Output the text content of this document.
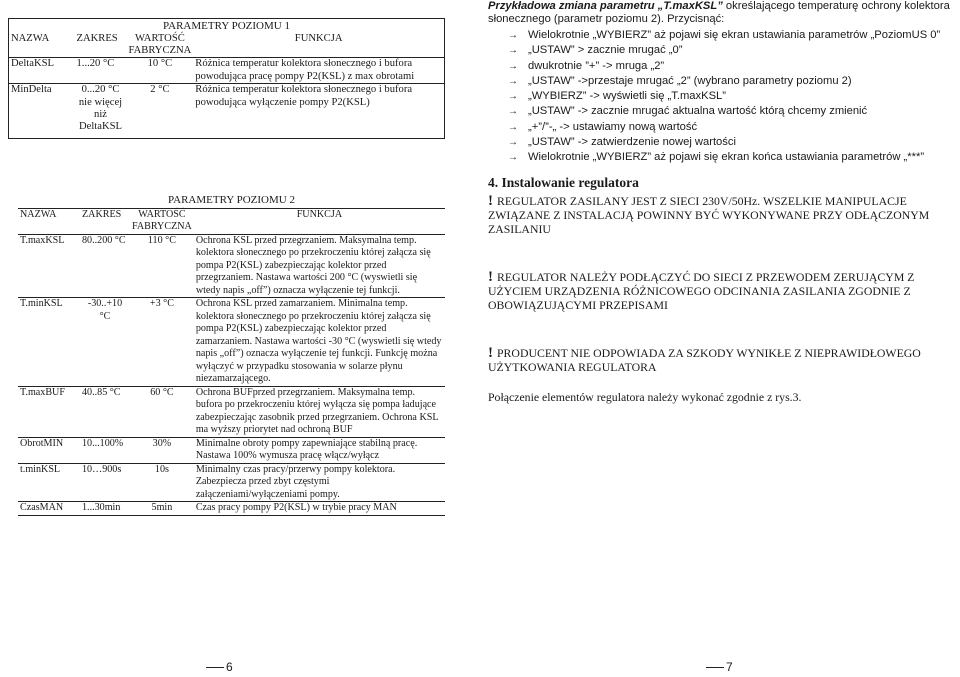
PARAMETRY POZIOMU 1			
NAZWA	ZAKRES	WARTOŚĆ FABRYCZNA	FUNKCJA
DeltaKSL	1...20 °C	10 °C	Różnica temperatur kolektora słonecznego i bufora powodująca pracę pompy P2(KSL) z max obrotami
MinDelta	0...20 °C nie więcej niż DeltaKSL	2 °C	Różnica temperatur kolektora słonecznego i bufora powodująca wyłączenie pompy P2(KSL)
PARAMETRY POZIOMU 2			
NAZWA	ZAKRES	WARTOŚĆ FABRYCZNA	FUNKCJA
T.maxKSL	80..200 °C	110 °C	Ochrona KSL przed przegrzaniem. Maksymalna temp. kolektora słonecznego po przekroczeniu której załącza się pompa P2(KSL) zabezpieczając kolektor przed przegrzaniem. Nastawa wartości 200 °C (wyswietli się wtedy napis „off”) oznacza wyłączenie tej funkcji.
T.minKSL	-30..+10 °C	+3 °C	Ochrona KSL przed zamarzaniem. Minimalna temp. kolektora słonecznego po przekroczeniu której załącza się pompa P2(KSL) zabezpieczając kolektor przed zamarzaniem. Nastawa wartości -30 °C (wyswietli się wtedy napis „off”) oznacza wyłączenie tej funkcji. Funkcję można wyłączyć w przypadku stosowania w solarze płynu niezamarzającego.
T.maxBUF	40..85 °C	60 °C	Ochrona BUFprzed przegrzaniem. Maksymalna temp. bufora po przekroczeniu której wyłącza się pompa ładujące zabezpieczając zasobnik przed przegrzaniem. Ochrona KSL ma wyższy priorytet nad ochroną BUF
ObrotMIN	10...100%	30%	Minimalne obroty pompy zapewniające stabilną pracę. Nastawa 100% wymusza pracę włącz/wyłącz
t.minKSL	10…900s	10s	Minimalny czas pracy/przerwy pompy kolektora. Zabezpiecza przed zbyt częstymi załączeniami/wyłączeniami pompy.
CzasMAN	1...30min	5min	Czas pracy pompy P2(KSL) w trybie pracy MAN
6
Przykładowa zmiana parametru „T.maxKSL” określającego temperaturę ochrony kolektora słonecznego (parametr poziomu 2). Przycisnąć:
→ Wielokrotnie „WYBIERZ” aż pojawi się ekran ustawiania parametrów „PoziomUS 0”
→ „USTAW” > zacznie mrugać „0”
→ dwukrotnie ”+” -> mruga „2”
→ „USTAW” ->przestaje mrugać „2” (wybrano parametry poziomu 2)
→ „WYBIERZ” -> wyświetli się „T.maxKSL”
→ „USTAW” -> zacznie mrugać aktualna wartość którą chcemy zmienić
→ „+”/”-„ -> ustawiamy nową wartość
→ „USTAW” -> zatwierdzenie nowej wartości
→ Wielokrotnie „WYBIERZ” aż pojawi się ekran końca ustawiania parametrów „***”
4. Instalowanie regulatora
! REGULATOR ZASILANY JEST Z SIECI 230V/50Hz. WSZELKIE MANIPULACJE ZWIĄZANE Z INSTALACJĄ POWINNY BYĆ WYKONYWANE PRZY ODŁĄCZONYM ZASILANIU
! REGULATOR NALEŻY PODŁĄCZYĆ DO SIECI Z PRZEWODEM ZERUJĄCYM Z UŻYCIEM URZĄDZENIA RÓŻNICOWEGO ODCINANIA ZASILANIA ZGODNIE Z OBOWIĄZUJĄCYMI PRZEPISAMI
! PRODUCENT NIE ODPOWIADA ZA SZKODY WYNIKŁE Z NIEPRAWIDŁOWEGO UŻYTKOWANIA REGULATORA
Połączenie elementów regulatora należy wykonać zgodnie z rys.3.
7
